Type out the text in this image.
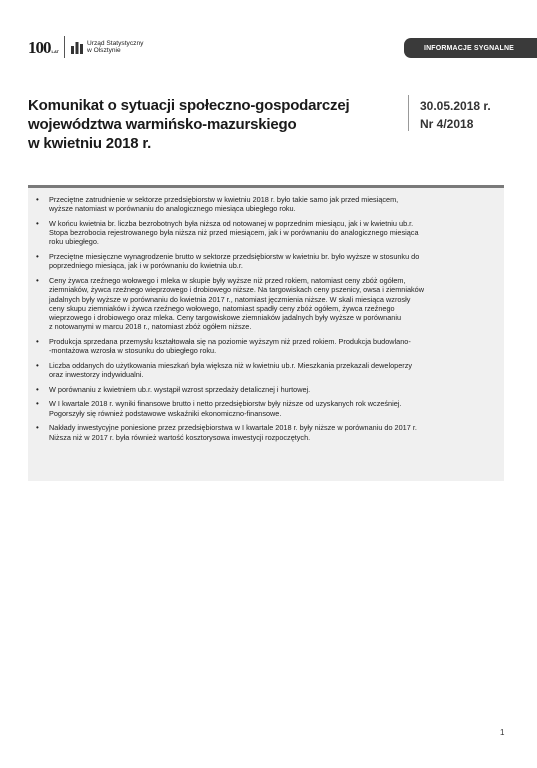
100 LAT
Urząd Statystyczny
w Olsztynie	INFORMACJE SYGNALNE
Komunikat o sytuacji społeczno-gospodarczej
województwa warmińsko-mazurskiego
w kwietniu 2018 r.
30.05.2018 r.
Nr 4/2018
• Przeciętne zatrudnienie w sektorze przedsiębiorstw w kwietniu 2018 r. było takie samo jak przed miesiącem,
wyższe natomiast w porównaniu do analogicznego miesiąca ubiegłego roku.
• W końcu kwietnia br. liczba bezrobotnych była niższa od notowanej w poprzednim miesiącu, jak i w kwietniu ub.r.
Stopa bezrobocia rejestrowanego była niższa niż przed miesiącem, jak i w porównaniu do analogicznego miesiąca
roku ubiegłego.
• Przeciętne miesięczne wynagrodzenie brutto w sektorze przedsiębiorstw w kwietniu br. było wyższe w stosunku do
poprzedniego miesiąca, jak i w porównaniu do kwietnia ub.r.
• Ceny żywca rzeźnego wołowego i mleka w skupie były wyższe niż przed rokiem, natomiast ceny zbóż ogółem,
ziemniaków, żywca rzeźnego wieprzowego i drobiowego niższe. Na targowiskach ceny pszenicy, owsa i ziemniaków
jadalnych były wyższe w porównaniu do kwietnia 2017 r., natomiast jęczmienia niższe. W skali miesiąca wzrosły
ceny skupu ziemniaków i żywca rzeźnego wołowego, natomiast spadły ceny zbóż ogółem, żywca rzeźnego
wieprzowego i drobiowego oraz mleka. Ceny targowiskowe ziemniaków jadalnych były wyższe w porównaniu
z notowanymi w marcu 2018 r., natomiast zbóż ogółem niższe.
• Produkcja sprzedana przemysłu kształtowała się na poziomie wyższym niż przed rokiem. Produkcja budowlano-
-montażowa wzrosła w stosunku do ubiegłego roku.
• Liczba oddanych do użytkowania mieszkań była większa niż w kwietniu ub.r. Mieszkania przekazali deweloperzy
oraz inwestorzy indywidualni.
• W porównaniu z kwietniem ub.r. wystąpił wzrost sprzedaży detalicznej i hurtowej.
• W I kwartale 2018 r. wyniki finansowe brutto i netto przedsiębiorstw były niższe od uzyskanych rok wcześniej.
Pogorszyły się również podstawowe wskaźniki ekonomiczno-finansowe.
• Nakłady inwestycyjne poniesione przez przedsiębiorstwa w I kwartale 2018 r. były niższe w porównaniu do 2017 r.
Niższa niż w 2017 r. była również wartość kosztorysowa inwestycji rozpoczętych.
1
